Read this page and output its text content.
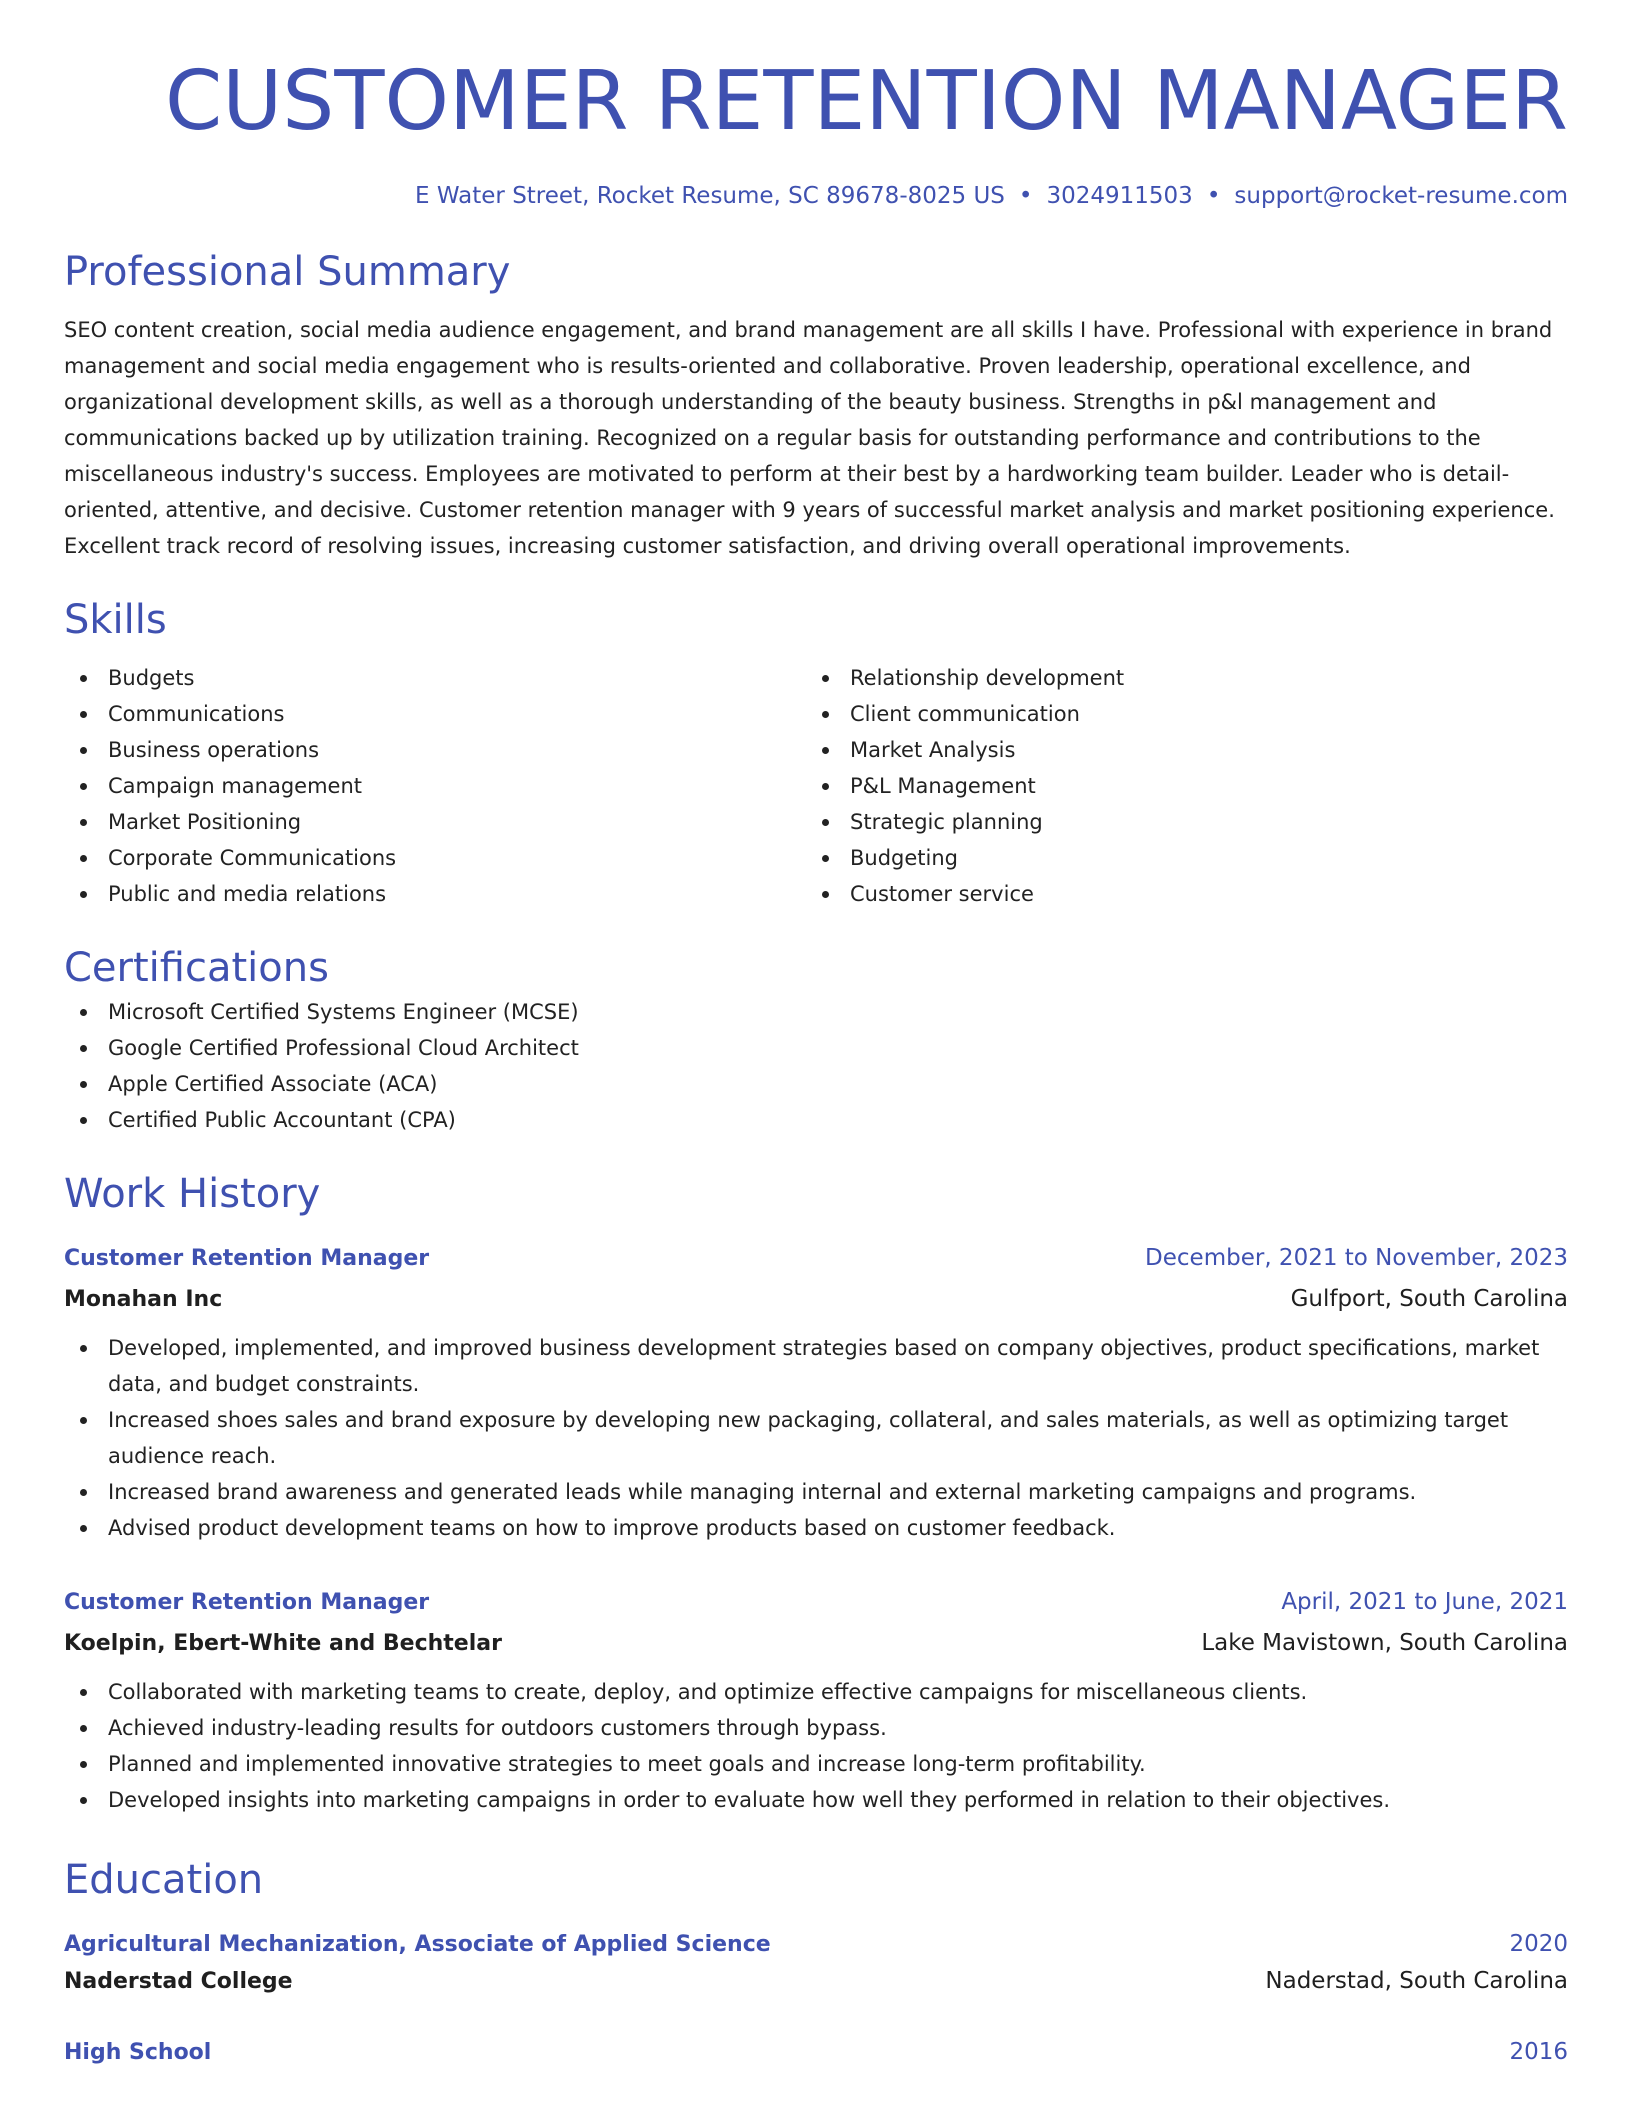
CUSTOMER RETENTION MANAGER
E Water Street, Rocket Resume, SC 89678-8025 US • 3024911503 • support@rocket-resume.com
Professional Summary
SEO content creation, social media audience engagement, and brand management are all skills I have. Professional with experience in brand management and social media engagement who is results-oriented and collaborative. Proven leadership, operational excellence, and organizational development skills, as well as a thorough understanding of the beauty business. Strengths in p&l management and communications backed up by utilization training. Recognized on a regular basis for outstanding performance and contributions to the miscellaneous industry's success. Employees are motivated to perform at their best by a hardworking team builder. Leader who is detail-oriented, attentive, and decisive. Customer retention manager with 9 years of successful market analysis and market positioning experience. Excellent track record of resolving issues, increasing customer satisfaction, and driving overall operational improvements.
Skills
Budgets
Communications
Business operations
Campaign management
Market Positioning
Corporate Communications
Public and media relations
Relationship development
Client communication
Market Analysis
P&L Management
Strategic planning
Budgeting
Customer service
Certifications
Microsoft Certified Systems Engineer (MCSE)
Google Certified Professional Cloud Architect
Apple Certified Associate (ACA)
Certified Public Accountant (CPA)
Work History
Customer Retention Manager	December, 2021 to November, 2023
Monahan Inc	Gulfport, South Carolina
Developed, implemented, and improved business development strategies based on company objectives, product specifications, market data, and budget constraints.
Increased shoes sales and brand exposure by developing new packaging, collateral, and sales materials, as well as optimizing target audience reach.
Increased brand awareness and generated leads while managing internal and external marketing campaigns and programs.
Advised product development teams on how to improve products based on customer feedback.
Customer Retention Manager	April, 2021 to June, 2021
Koelpin, Ebert-White and Bechtelar	Lake Mavistown, South Carolina
Collaborated with marketing teams to create, deploy, and optimize effective campaigns for miscellaneous clients.
Achieved industry-leading results for outdoors customers through bypass.
Planned and implemented innovative strategies to meet goals and increase long-term profitability.
Developed insights into marketing campaigns in order to evaluate how well they performed in relation to their objectives.
Education
Agricultural Mechanization, Associate of Applied Science	2020
Naderstad College	Naderstad, South Carolina
High School	2016
